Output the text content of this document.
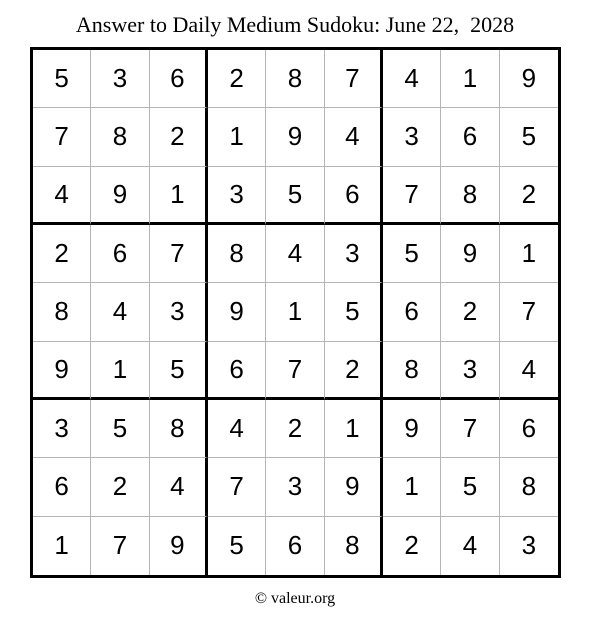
Answer to Daily Medium Sudoku: June 22,  2028
5	3	6	2	8	7	4	1	9
7	8	2	1	9	4	3	6	5
4	9	1	3	5	6	7	8	2
2	6	7	8	4	3	5	9	1
8	4	3	9	1	5	6	2	7
9	1	5	6	7	2	8	3	4
3	5	8	4	2	1	9	7	6
6	2	4	7	3	9	1	5	8
1	7	9	5	6	8	2	4	3
© valeur.org
